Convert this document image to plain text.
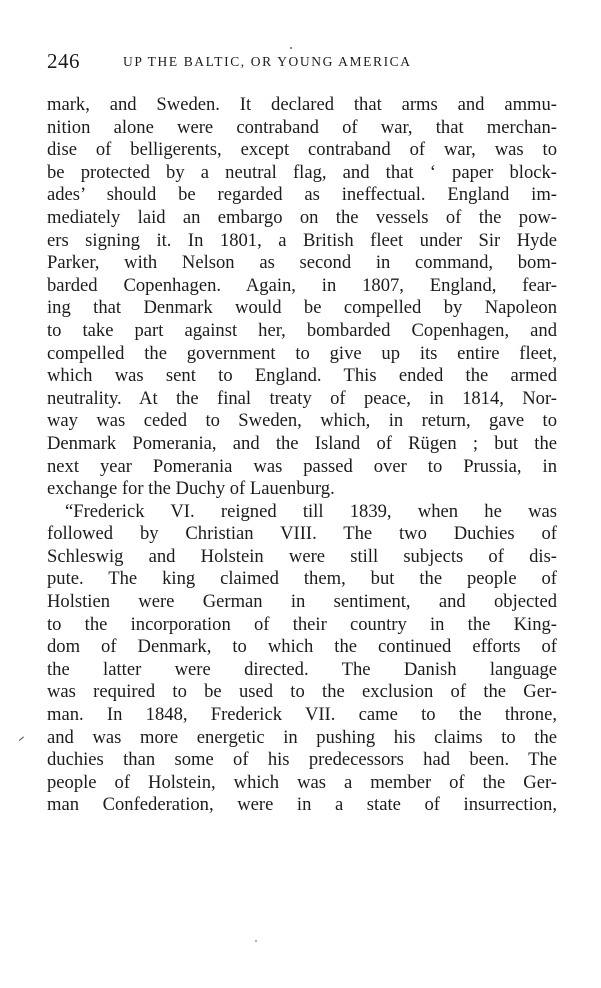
246	UP THE BALTIC, OR YOUNG AMERICA
mark, and Sweden. It declared that arms and ammu-
nition alone were contraband of war, that merchan-
dise of belligerents, except contraband of war, was to
be protected by a neutral flag, and that ‘ paper block-
ades’ should be regarded as ineffectual. England im-
mediately laid an embargo on the vessels of the pow-
ers signing it. In 1801, a British fleet under Sir Hyde
Parker, with Nelson as second in command, bom-
barded Copenhagen. Again, in 1807, England, fear-
ing that Denmark would be compelled by Napoleon
to take part against her, bombarded Copenhagen, and
compelled the government to give up its entire fleet,
which was sent to England. This ended the armed
neutrality. At the final treaty of peace, in 1814, Nor-
way was ceded to Sweden, which, in return, gave to
Denmark Pomerania, and the Island of Rügen ; but the
next year Pomerania was passed over to Prussia, in
exchange for the Duchy of Lauenburg.
“Frederick VI. reigned till 1839, when he was
followed by Christian VIII. The two Duchies of
Schleswig and Holstein were still subjects of dis-
pute. The king claimed them, but the people of
Holstien were German in sentiment, and objected
to the incorporation of their country in the King-
dom of Denmark, to which the continued efforts of
the latter were directed. The Danish language
was required to be used to the exclusion of the Ger-
man. In 1848, Frederick VII. came to the throne,
and was more energetic in pushing his claims to the
duchies than some of his predecessors had been. The
people of Holstein, which was a member of the Ger-
man Confederation, were in a state of insurrection,
